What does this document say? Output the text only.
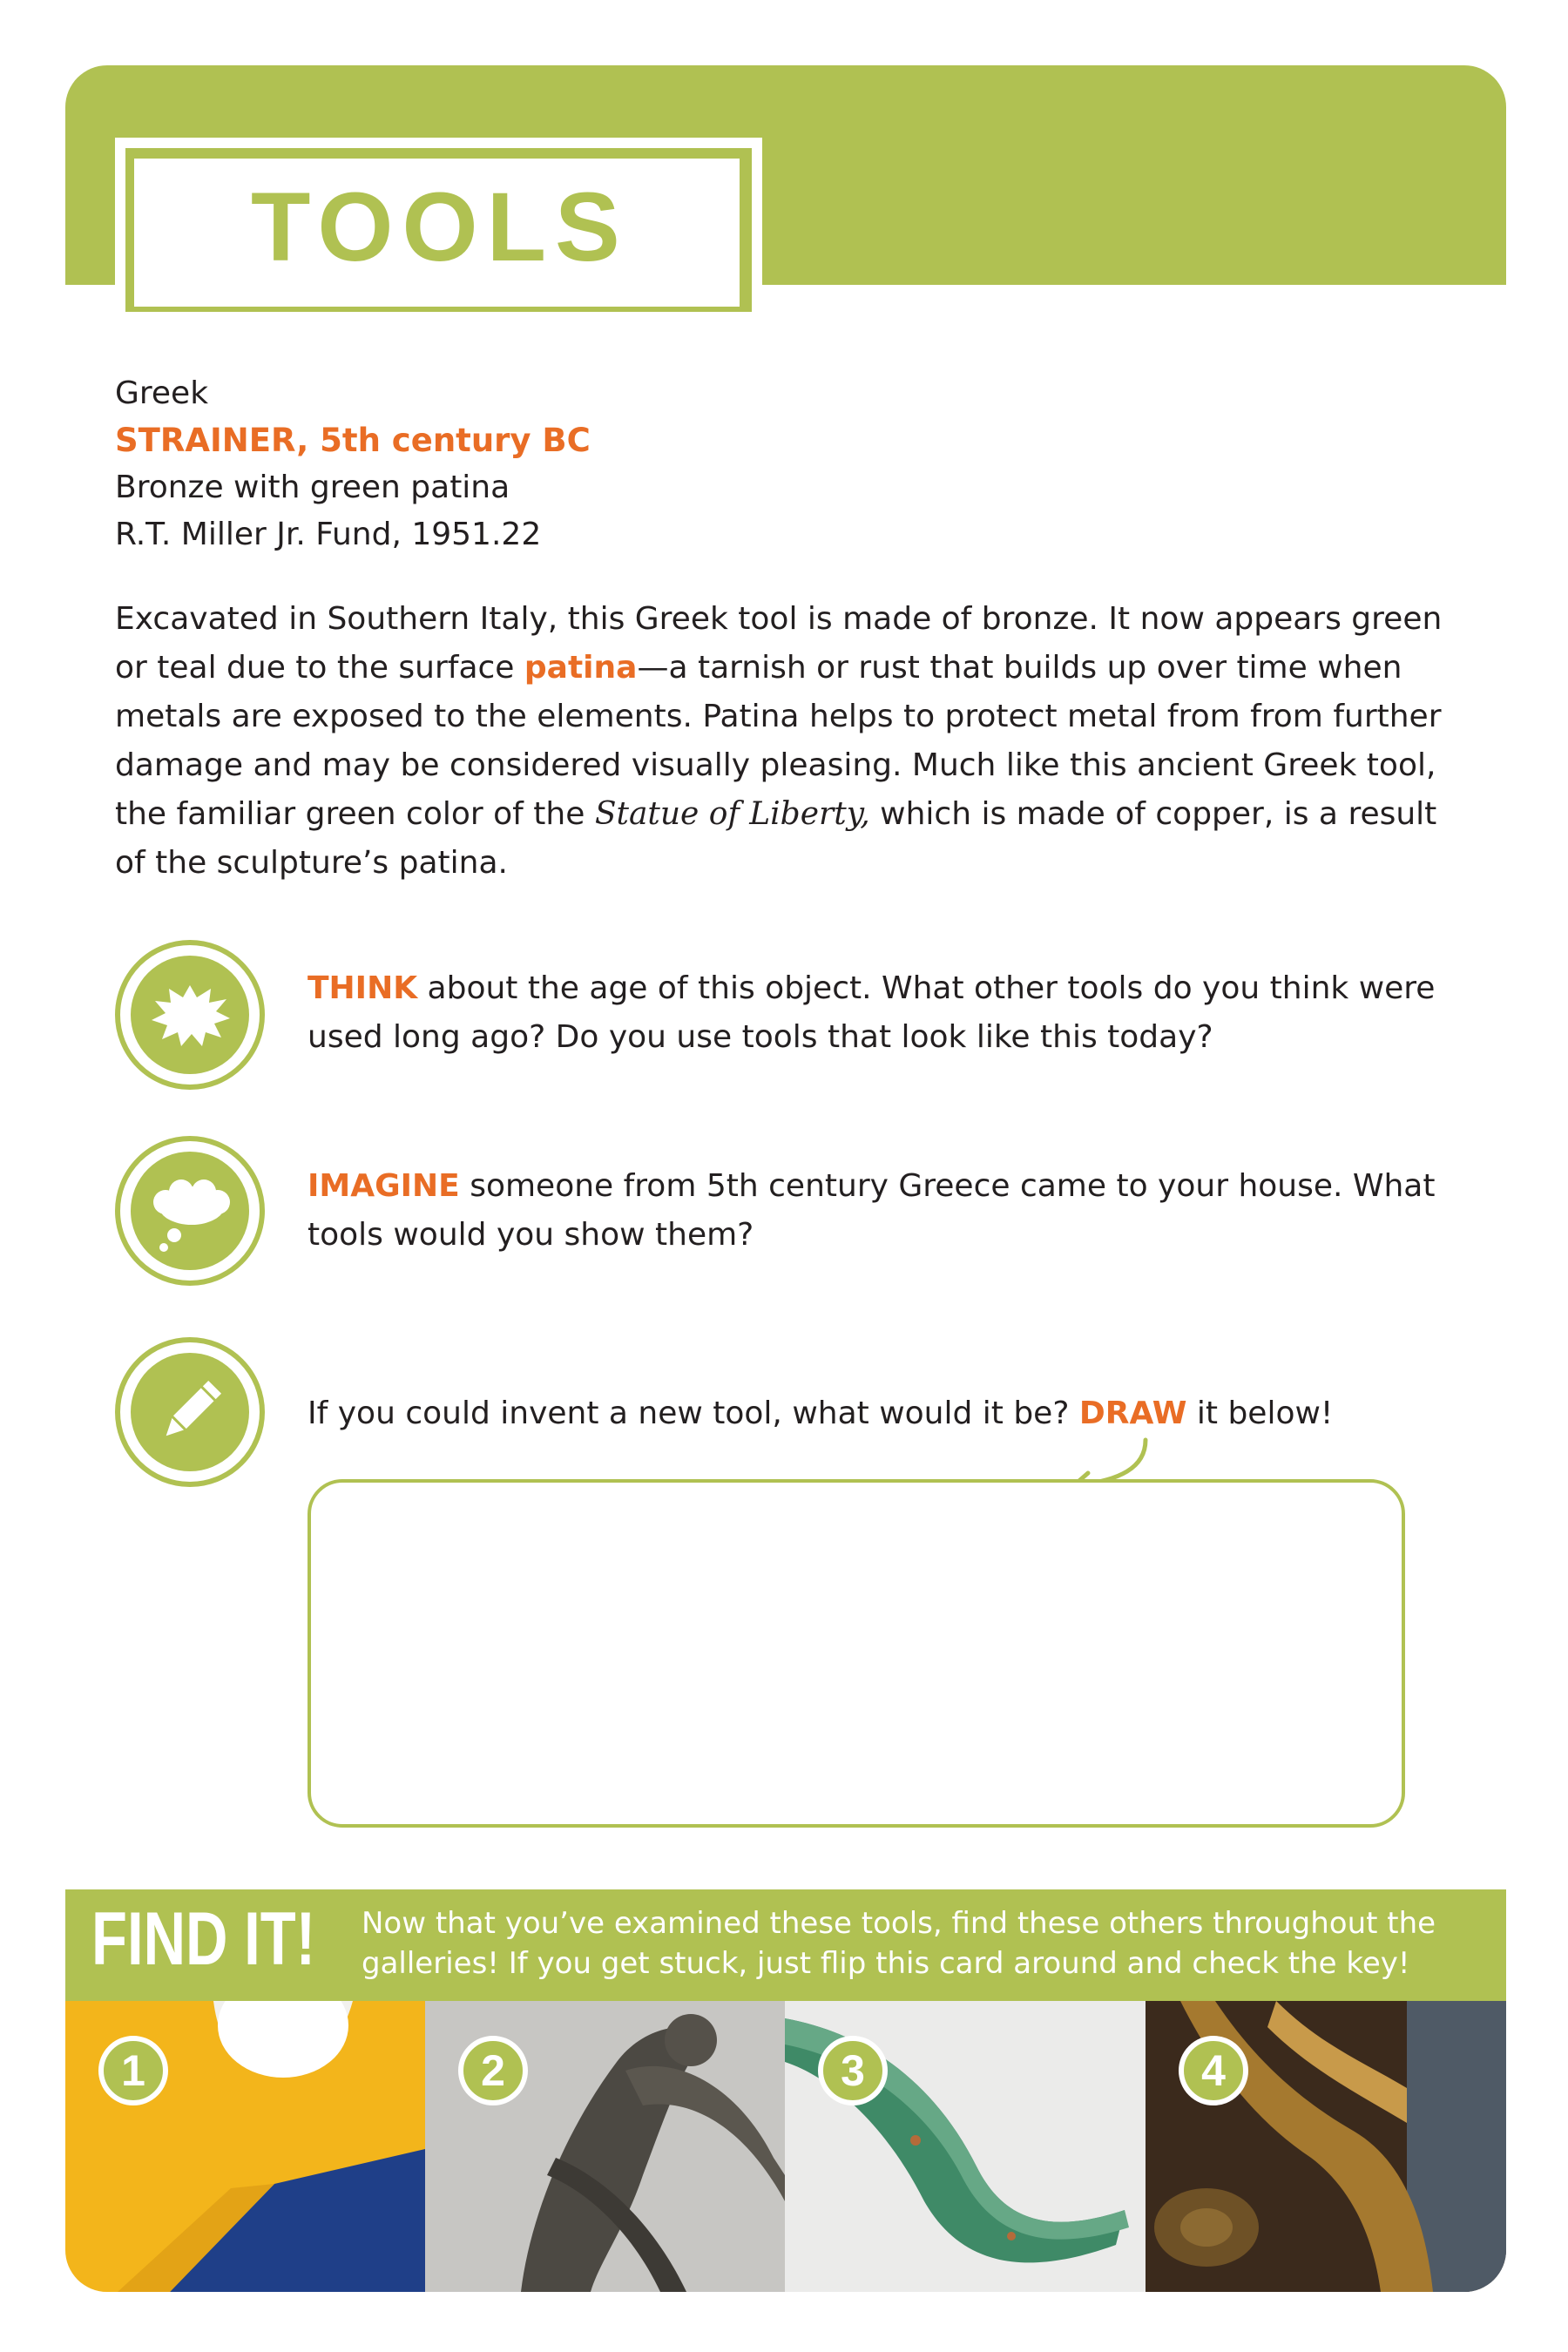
TOOLS
Greek
STRAINER, 5th century BC
Bronze with green patina
R.T. Miller Jr. Fund, 1951.22

Excavated in Southern Italy, this Greek tool is made of bronze. It now appears green or teal due to the surface patina—a tarnish or rust that builds up over time when metals are exposed to the elements. Patina helps to protect metal from from further damage and may be considered visually pleasing. Much like this ancient Greek tool, the familiar green color of the Statue of Liberty, which is made of copper, is a result of the sculpture’s patina.

THINK about the age of this object. What other tools do you think were used long ago? Do you use tools that look like this today?

IMAGINE someone from 5th century Greece came to your house. What tools would you show them?

If you could invent a new tool, what would it be? DRAW it below!

FIND IT! Now that you’ve examined these tools, find these others throughout the galleries! If you get stuck, just flip this card around and check the key!

1	2	3	4
